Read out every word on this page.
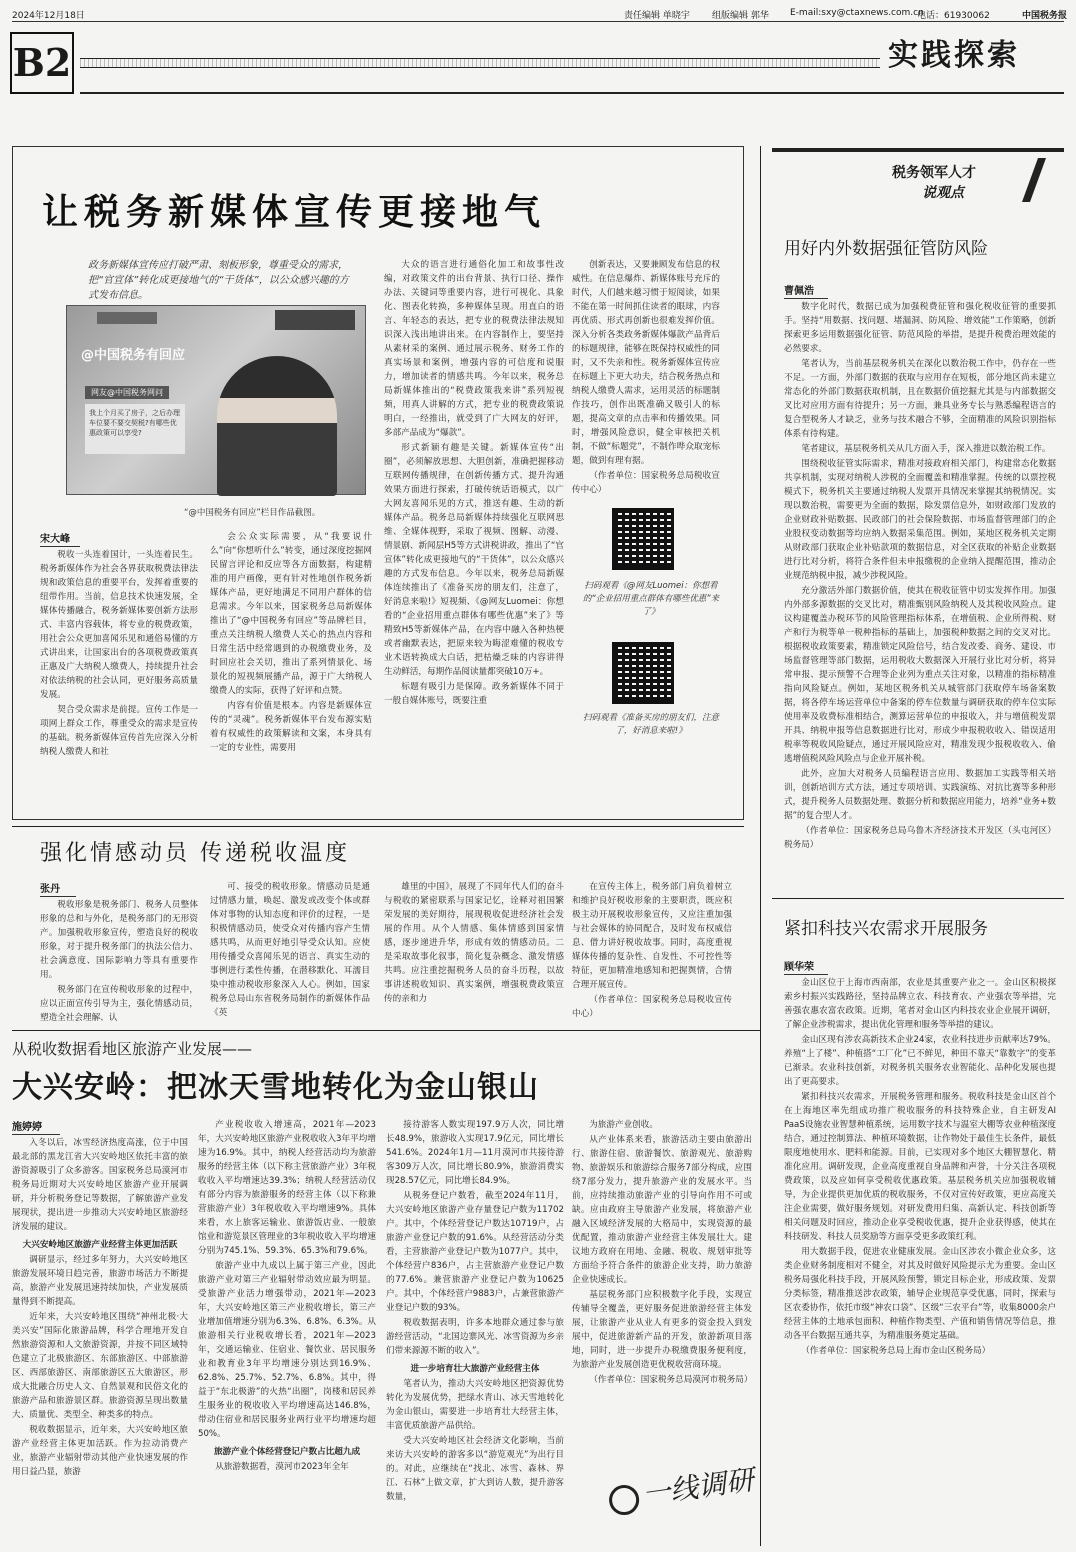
2024年12月18日	责任编辑 单晓宇 组版编辑 郭华 E-mail:sxy@ctaxnews.com.cn
电话：61930062	中国税务报
B2	实践探索
让税务新媒体宣传更接地气
政务新媒体宣传应打破严肃、刻板形象，尊重受众的需求，把“官宣体”转化成更接地气的“干货体”，以公众感兴趣的方式发布信息。
@中国税务有回应
网友@中国税务网问
我上个月买了房子，之后办理车位要不要交契税?有哪些优惠政策可以享受?
“@中国税务有回应”栏目作品截图。
宋大峰

税收一头连着国计，一头连着民生。税务新媒体作为社会各界获取税费法律法规和政策信息的重要平台，发挥着重要的纽带作用。当前，信息技术快速发展，全媒体传播融合，税务新媒体要创新方法形式、丰富内容载体，将专业的税费政策，用社会公众更加喜闻乐见和通俗易懂的方式讲出来，让国家出台的各项税费政策真正惠及广大纳税人缴费人，持续提升社会对依法纳税的社会认同，更好服务高质量发展。

契合受众需求是前提。宣传工作是一项网上群众工作，尊重受众的需求是宣传的基础。税务新媒体宣传首先应深入分析纳税人缴费人和社

会公众实际需要，从“我要说什么”向“你想听什么”转变，通过深度挖掘网民留言评论和反应等各方面数据，构建精准的用户画像，更有针对性地创作税务新媒体产品，更好地满足不同用户群体的信息需求。今年以来，国家税务总局新媒体推出了“@中国税务有回应”等品牌栏目，重点关注纳税人缴费人关心的热点内容和日常生活中经常遇到的办税缴费业务，及时回应社会关切，推出了系列情景化、场景化的短视频展播产品，源于广大纳税人缴费人的实际，获得了好评和点赞。

内容有价值是根本。内容是新媒体宣传的“灵魂”。税务新媒体平台发布源实贴着有权威性的政策解读和文案，本身具有一定的专业性，需要用

大众的语言进行通俗化加工和故事性改编，对政策文件的出台背景、执行口径、操作办法、关键词等重要内容，进行可视化、具象化、图表化转换，多种媒体呈现。用直白的语言、年轻态的表达，把专业的税费法律法规知识深入浅出地讲出来。在内容制作上，要坚持从素材采的案例、通过展示税务、财务工作的真实场景和案例，增强内容的可信度和说服力，增加读者的情感共鸣。今年以来，税务总局新媒体推出的“税费政策我来讲”系列短视频，用真人讲解的方式，把专业的税费政策说明白，一经推出，就受到了广大网友的好评，多部产品成为“爆款”。

形式新颖有趣是关键。新媒体宣传“出圈”，必须解放思想、大胆创新，准确把握移动互联网传播规律，在创新传播方式、提升沟通效果方面进行探索，打破传统话语模式，以广大网友喜闻乐见的方式，推送有趣、生动的新媒体产品。税务总局新媒体持续强化互联网思维、全媒体视野，采取了视频、图解、动漫、情景剧、新闻层H5等方式讲税讲政，推出了“官宣体”转化成更接地气的“干货体”，以公众感兴趣的方式发布信息。今年以来，税务总局新媒体连续推出了《准备买房的朋友们，注意了，好消息来啦!》短视频、《@网友Luomei：你想看的“企业招用重点群体有哪些优惠”来了》等精致H5等新媒体产品，在内容中融入各种热梗或者幽默表达，把原来较为晦涩难懂的税收专业术语转换成大白话，把枯燥乏味的内容讲得生动鲜活，每期作品阅读量都突破10万+。

标题有吸引力是保障。政务新媒体不同于一般自媒体账号，既要注重

创新表达，又要兼顾发布信息的权威性。在信息爆炸、新媒体账号充斥的时代，人们越来越习惯于短阅读，如果不能在第一时间抓住读者的眼球，内容再优质、形式再创新也很难发挥价值。深入分析各类政务新媒体爆款产品背后的标题规律，能够在既保持权威性的同时，又不失亲和性。税务新媒体宣传应在标题上下更大功夫，结合税务热点和纳税人缴费人需求，运用灵活的标题制作技巧，创作出既准确又吸引人的标题，提高文章的点击率和传播效果。同时，增强风险意识，健全审核把关机制，不做“标题党”，不制作哗众取宠标题，做到有理有据。

（作者单位：国家税务总局税收宣传中心）

扫码观看《@网友Luomei：你想看的“企业招用重点群体有哪些优惠”来了》
扫码观看《准备买房的朋友们，注意了，好消息来啦!》
强化情感动员 传递税收温度
张丹

税收形象是税务部门、税务人员整体形象的总和与外化，是税务部门的无形资产。加强税收形象宣传，塑造良好的税收形象，对于提升税务部门的执法公信力、社会满意度、国际影响力等具有重要作用。

税务部门在宣传税收形象的过程中，应以正面宣传引导为主，强化情感动员，塑造全社会理解、认

可、接受的税收形象。情感动员是通过情感力量，唤起、激发或改变个体或群体对事物的认知态度和评价的过程，一是积极情感动员，使受众对传播内容产生情感共鸣，从而更好地引导受众认知。应使用传播受众喜闻乐见的语言、真实生动的事例进行柔性传播，在潜移默化、耳濡目染中推动税收形象深入人心。例如，国家税务总局山东省税务局制作的新媒体作品《英

雄里的中国》，展现了不同年代人们的奋斗与税收的紧密联系与国家记忆，诠释对祖国繁荣发展的美好期待，展现税收促进经济社会发展的作用。从个人情感、集体情感到国家情感，逐步递进升华，形成有效的情感动员。二是采取故事化叙事，简化复杂概念、激发情感共鸣。应注重挖掘税务人员的奋斗历程，以故事讲述税收知识、真实案例，增强税费政策宣传的亲和力

在宣传主体上，税务部门肩负着树立和维护良好税收形象的主要职责，既应积极主动开展税收形象宣传，又应注重加强与社会媒体的协同配合，及时发布权威信息、借力讲好税收故事。同时，高度重视媒体传播的复杂性、自发性、不可控性等特征，更加精准地感知和把握舆情，合情合理开展宣传。

（作者单位：国家税务总局税收宣传中心）

从税收数据看地区旅游产业发展——
大兴安岭：把冰天雪地转化为金山银山
施婷婷

入冬以后，冰雪经济热度高涨，位于中国最北部的黑龙江省大兴安岭地区依托丰富的旅游资源吸引了众多游客。国家税务总局漠河市税务局近期对大兴安岭地区旅游产业开展调研，并分析税务登记等数据，了解旅游产业发展现状，提出进一步推动大兴安岭地区旅游经济发展的建议。

大兴安岭地区旅游产业经营主体更加活跃

调研显示，经过多年努力，大兴安岭地区旅游发展环境日趋完善，旅游市场活力不断提高，旅游产业发展迅速持续加快，产业发展质量得到不断提高。

近年来，大兴安岭地区围绕“神州北极·大美兴安”国际化旅游品牌，科学合理地开发自然旅游资源和人文旅游资源，并按不同区域特色建立了北极旅游区、东部旅游区、中部旅游区、西部旅游区、南部旅游区五大旅游区，形成大批融合历史人文、自然景观和民俗文化的旅游产品和旅游景区群。旅游资源呈现出数量大、质量优、类型全、种类多的特点。

税收数据显示，近年来，大兴安岭地区旅游产业经营主体更加活跃。作为拉动消费产业，旅游产业辐射带动其他产业快速发展的作用日益凸显，旅游

产业税收收入增速高，2021年—2023年，大兴安岭地区旅游产业税收收入3年平均增速为16.9%。其中，纳税人经营活动均为旅游服务的经营主体（以下称主营旅游产业）3年税收收入平均增速达39.3%；纳税人经营活动仅有部分内容为旅游服务的经营主体（以下称兼营旅游产业）3年税收收入平均增速9%。具体来看，水上旅客运输业、旅游饭店业、一般旅馆业和游览景区管理业的3年税收收入平均增速分别为745.1%、59.3%、65.3%和79.6%。

旅游产业中九成以上属于第三产业，因此旅游产业对第三产业辐射带动效应最为明显。受旅游产业活力增强带动，2021年—2023年，大兴安岭地区第三产业税收增长，第三产业增加值增速分别为6.3%、6.8%、6.3%。从旅游相关行业税收增长看，2021年—2023年，交通运输业、住宿业、餐饮业、居民服务业和教育业3年平均增速分别达到16.9%、62.8%、25.7%、52.7%、6.8%。其中，得益于“东北极游”的火热“出圈”，岗楼和居民养生服务业的税收收入平均增速高达146.8%，带动住宿业和居民服务业两行业平均增速均超50%。

旅游产业个体经营登记户数占比超九成

从旅游数据看，漠河市2023年全年

接待游客人数实现197.9万人次，同比增长48.9%，旅游收入实现17.9亿元，同比增长541.6%。2024年1月—11月漠河市共接待游客309万人次，同比增长80.9%，旅游消费实现28.57亿元，同比增长84.9%。

从税务登记户数看，截至2024年11月，大兴安岭地区旅游产业存量登记户数为11702户。其中，个体经营登记户数达10719户，占旅游产业登记户数的91.6%。从经营活动分类看，主营旅游产业登记户数为1077户。其中，个体经营户836户，占主营旅游产业登记户数的77.6%。兼营旅游产业登记户数为10625户。其中，个体经营户9883户，占兼营旅游产业登记户数的93%。

税收数据表明，许多本地群众通过参与旅游经营活动，“北国边寨风光、冰雪资源为乡亲们带来源源不断的收入”。

进一步培育壮大旅游产业经营主体

笔者认为，推动大兴安岭地区把资源优势转化为发展优势，把绿水青山、冰天雪地转化为金山银山，需要进一步培育壮大经营主体，丰富优质旅游产品供给。

受大兴安岭地区社会经济文化影响，当前来访大兴安岭的游客多以“游览观光”为出行目的。对此，应继续在“找北、冰雪、森林、界江、石林”上做文章，扩大到访人数，提升游客数量，

为旅游产业创收。

从产业体系来看，旅游活动主要由旅游出行、旅游住宿、旅游餐饮、旅游观光、旅游购物、旅游娱乐和旅游综合服务7部分构成，应围绕7部分发力，提升旅游产业的发展水平。当前，应持续推动旅游产业的引导向作用不可或缺。应由政府主导旅游产业发展，将旅游产业融入区域经济发展的大格局中，实现资源的最优配置，推动旅游产业经营主体发展壮大。建议地方政府在用地、金融、税收、规划审批等方面给予符合条件的旅游企业支持，助力旅游企业快速成长。

基层税务部门应积极数字化手段，实现宣传辅导全覆盖，更好服务促进旅游经营主体发展，让旅游产业从业人有更多的资金投入到发展中，促进旅游新产品的开发，旅游新项目落地，同时，进一步提升办税缴费服务便利度，为旅游产业发展创造更优税收营商环境。

（作者单位：国家税务总局漠河市税务局）

一线调研
税务领军人才
说观点
用好内外数据强征管防风险
曹佩浩

数字化时代，数据已成为加强税费征管和强化税收征管的重要抓手。坚持“用数据、找问题、堵漏洞、防风险、增效能”工作策略，创新探索更多运用数据强化征管、防范风险的举措，是提升税费治理效能的必然要求。

笔者认为，当前基层税务机关在深化以数治税工作中，仍存在一些不足。一方面，外部门数据的获取与应用存在短板，部分地区尚未建立常态化的外部门数据获取机制，且在数据价值挖掘尤其是与内部数据交叉比对应用方面有待提升；另一方面，兼具业务专长与熟悉编程语言的复合型税务人才缺乏，业务与技术融合不够，全面精准的风险识别指标体系有待构建。

笔者建议，基层税务机关从几方面入手，深入推进以数治税工作。

围绕税收征管实际需求，精准对接政府相关部门，构建常态化数据共享机制，实现对纳税人涉税的全面覆盖和精准掌握。传统的以票控税模式下，税务机关主要通过纳税人发票开具情况来掌握其纳税情况。实现以数治税，需要更为全面的数据，除发票信息外，如财政部门发放的企业财政补贴数据、民政部门的社会保险数据、市场监督管理部门的企业股权变动数据等均应纳入数据采集范围。例如，某地区税务机关定期从财政部门获取企业补贴款项的数据信息，对全区获取的补贴企业数据进行比对分析，将符合条件但未申报缴税的企业纳入提醒范围，推动企业规范纳税申报，减少涉税风险。

充分激活外部门数据价值，使其在税收征管中切实发挥作用。加强内外部多源数据的交叉比对，精准甄别风险纳税人及其税收风险点。建议构建覆盖办税环节的风险管理指标体系，在增值税、企业所得税、财产和行为税等单一税种指标的基础上，加强税种数据之间的交叉对比。根据税收政策要素，精准锁定风险信号，结合发改委、商务、建设、市场监督管理等部门数据，运用税收大数据深入开展行业比对分析，将异常申报、提示预警不合理等企业列为重点关注对象，以精准的指标精准指向风险疑点。例如，某地区税务机关从城管部门获取停车场备案数据，将各停车场运营单位中备案的停车位数量与调研获取的停车位实际使用率及收费标准相结合，测算运营单位的申报收入，并与增值税发票开具、纳税申报等信息数据进行比对，形成少申报税收收入、错误适用税率等税收风险疑点，通过开展风险应对，精准发现少报税收收入、偷逃增值税风险风险点与企业开展补税。

此外，应加大对税务人员编程语言应用、数据加工实践等相关培训，创新培训方式方法，通过专项培训、实践演练、对抗比赛等多种形式，提升税务人员数据处理、数据分析和数据应用能力，培养“业务+数据”的复合型人才。

（作者单位：国家税务总局乌鲁木齐经济技术开发区（头屯河区）税务局）

紧扣科技兴农需求开展服务
顾华荣

金山区位于上海市西南部，农业是其重要产业之一。金山区积极探索乡村振兴实践路径，坚持品牌立农、科技育农、产业强农等举措，完善强农惠农富农政策。近期，笔者对金山区内科技农业企业展开调研，了解企业涉税需求，提出优化管理和服务等举措的建议。

金山区现有涉农高新技术企业24家，农业科技进步贡献率达79%。养殖“上了楼”、种植搭“工厂化”已不鲜见，种田不靠天“靠数字”的变革已渐录。农业科技创新，对税务机关服务农业智能化、品种化发展也提出了更高要求。

紧扣科技兴农需求，开展税务管理和服务。税收科技是金山区首个在上海地区率先组成功推广税收服务的科技特殊企业，自主研发AI PaaS设施农业智慧种植系统，运用数字技术与温室大棚等农业种植深度结合，通过控制算法、种植环境数据，让作物处于最佳生长条件，最低限度地使用水、肥料和能源。目前，已实现对多个地区大棚智慧化、精准化应用。调研发现，企业高度重视自身品牌和声誉，十分关注各项税费政策，以及应如何享受税收优惠政策。基层税务机关应加强税收辅导，为企业提供更加优质的税收服务，不仅对宣传好政策，更应高度关注企业需要，做好服务规划。对研发费用归集、高新认定、科技创新等相关问题及时回应，推动企业享受税收优惠，提升企业获得感，使其在科技研发、科技人员奖励等方面享受更多政策红利。

用大数据手段，促进农业健康发展。金山区涉农小微企业众多，这类企业财务制度相对不健全，对其及时做好风险提示尤为重要。金山区税务局强化科技手段，开展风险预警，锁定目标企业，形成政策、发票分类标签，精准推送涉农政策，辅导企业规范享受优惠，同时，探索与区农委协作，依托市级“神农口袋”、区级“三农平台”等，收集8000余户经营主体的土地承包面积、种植作物类型、产值和销售情况等信息，推动各平台数据互通共享，为精准服务奠定基础。

（作者单位：国家税务总局上海市金山区税务局）
